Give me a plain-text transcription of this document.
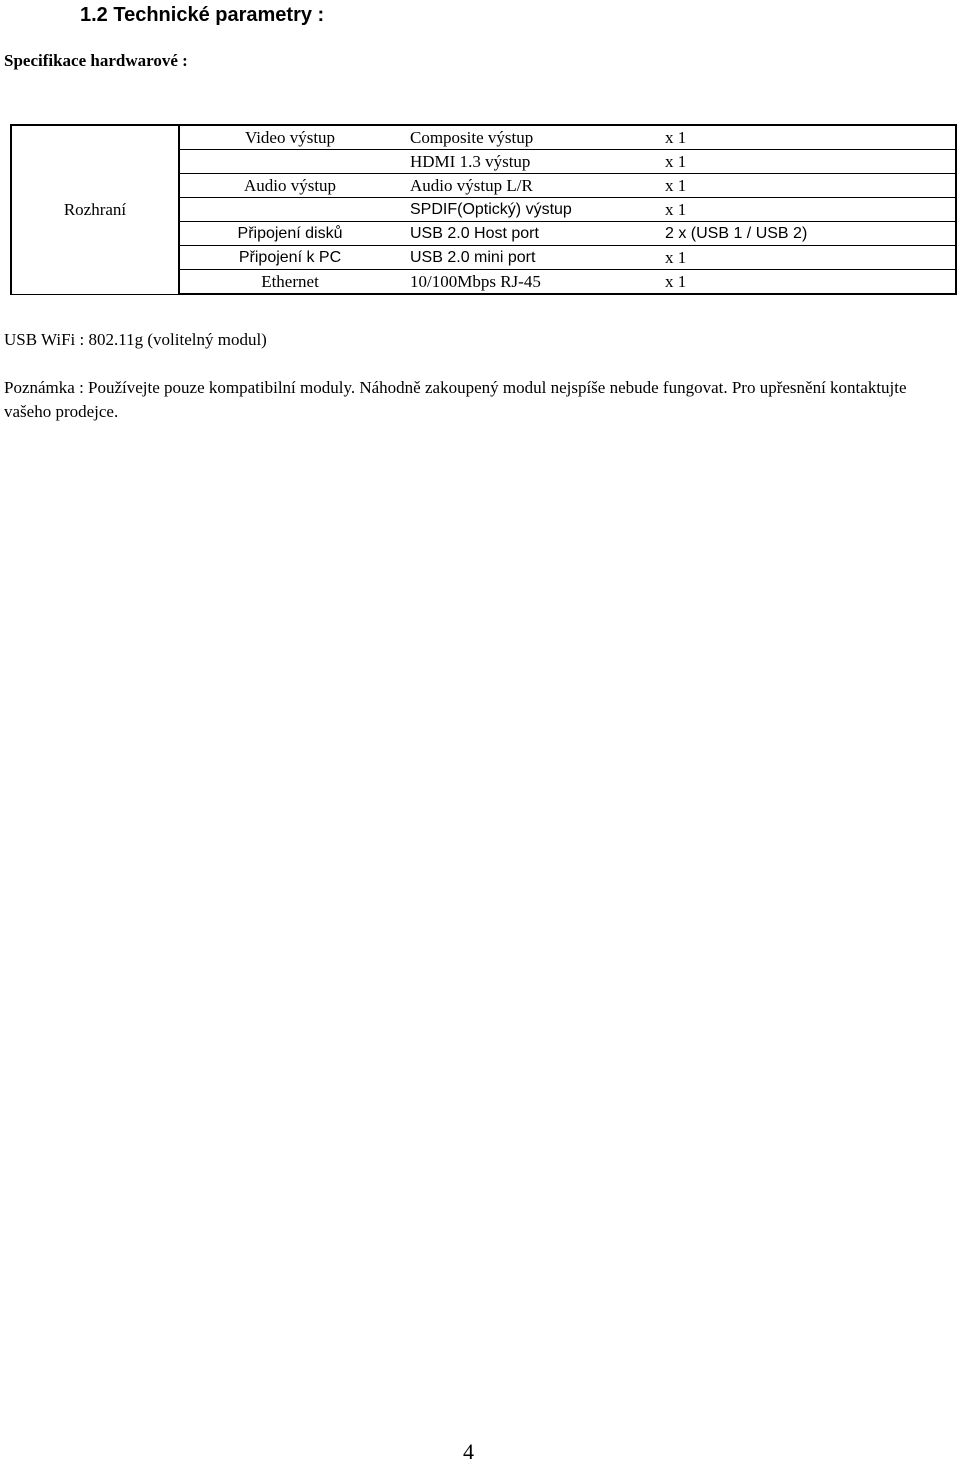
1.2 Technické parametry :
Specifikace hardwarové :
Rozhraní	Video výstup	Composite výstup	x 1
		HDMI 1.3 výstup	x 1
	Audio výstup	Audio výstup L/R	x 1
		SPDIF(Optický) výstup	x 1
	Připojení disků	USB 2.0 Host port	2 x (USB 1 / USB 2)
	Připojení k PC	USB 2.0 mini port	x 1
	Ethernet	10/100Mbps RJ-45	x 1
USB WiFi : 802.11g (volitelný modul)
Poznámka : Používejte pouze kompatibilní moduly. Náhodně zakoupený modul nejspíše nebude fungovat. Pro upřesnění kontaktujte vašeho prodejce.
4
